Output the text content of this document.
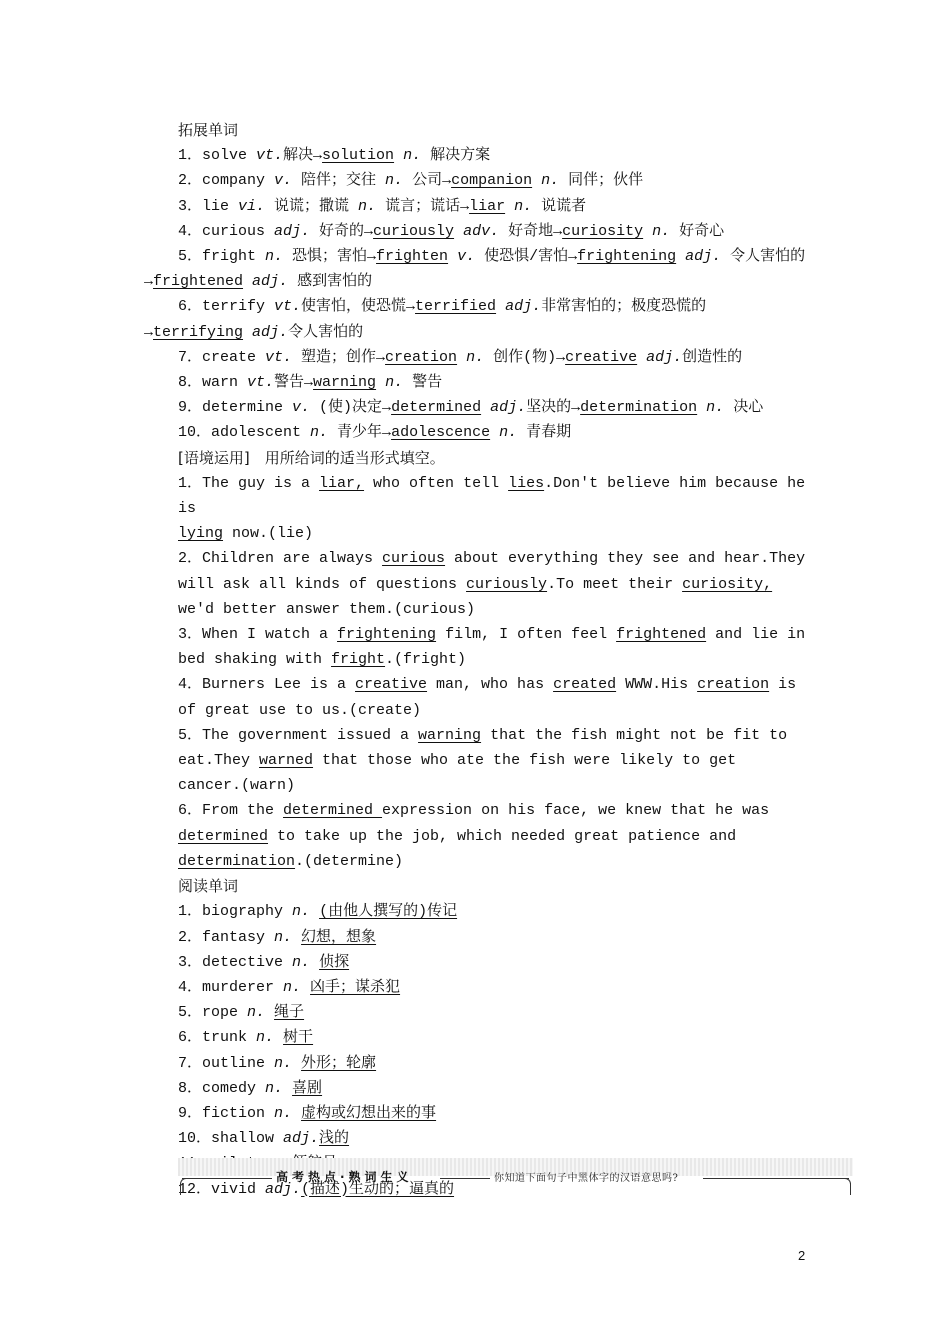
拓展单词
1．solve vt.解决→solution n. 解决方案
2．company v. 陪伴；交往 n. 公司→companion n. 同伴；伙伴
3．lie vi. 说谎；撒谎 n. 谎言；谎话→liar n. 说谎者
4．curious adj. 好奇的→curiously adv. 好奇地→curiosity n. 好奇心
5．fright n. 恐惧；害怕→frighten v. 使恐惧/害怕→frightening adj. 令人害怕的
→frightened adj. 感到害怕的
6．terrify vt.使害怕，使恐慌→terrified adj.非常害怕的；极度恐慌的
→terrifying adj.令人害怕的
7．create vt. 塑造；创作→creation n. 创作(物)→creative adj.创造性的
8．warn vt.警告→warning n. 警告
9．determine v. (使)决定→determined adj.坚决的→determination n. 决心
10．adolescent n. 青少年→adolescence n. 青春期
[语境运用]　用所给词的适当形式填空。
1．The guy is a liar, who often tell lies.Don't believe him because he is
lying now.(lie)
2．Children are always curious about everything they see and hear.They will ask all kinds of questions curiously.To meet their curiosity, we'd better answer them.(curious)
3．When I watch a frightening film, I often feel frightened and lie in bed shaking with fright.(fright)
4．Burners Lee is a creative man, who has created WWW.His creation is of great use to us.(create)
5．The government issued a warning that the fish might not be fit to eat.They warned that those who ate the fish were likely to get cancer.(warn)
6．From the determined expression on his face, we knew that he was determined to take up the job, which needed great patience and determination.(determine)
阅读单词
1．biography n. (由他人撰写的)传记
2．fantasy n. 幻想，想象
3．detective n. 侦探
4．murderer n. 凶手；谋杀犯
5．rope n. 绳子
6．trunk n. 树干
7．outline n. 外形；轮廓
8．comedy n. 喜剧
9．fiction n. 虚构或幻想出来的事
10．shallow adj.浅的
12．vivid adj.(描述)生动的；逼真的
高考热点·熟词生义	你知道下面句子中黑体字的汉语意思吗?
2
